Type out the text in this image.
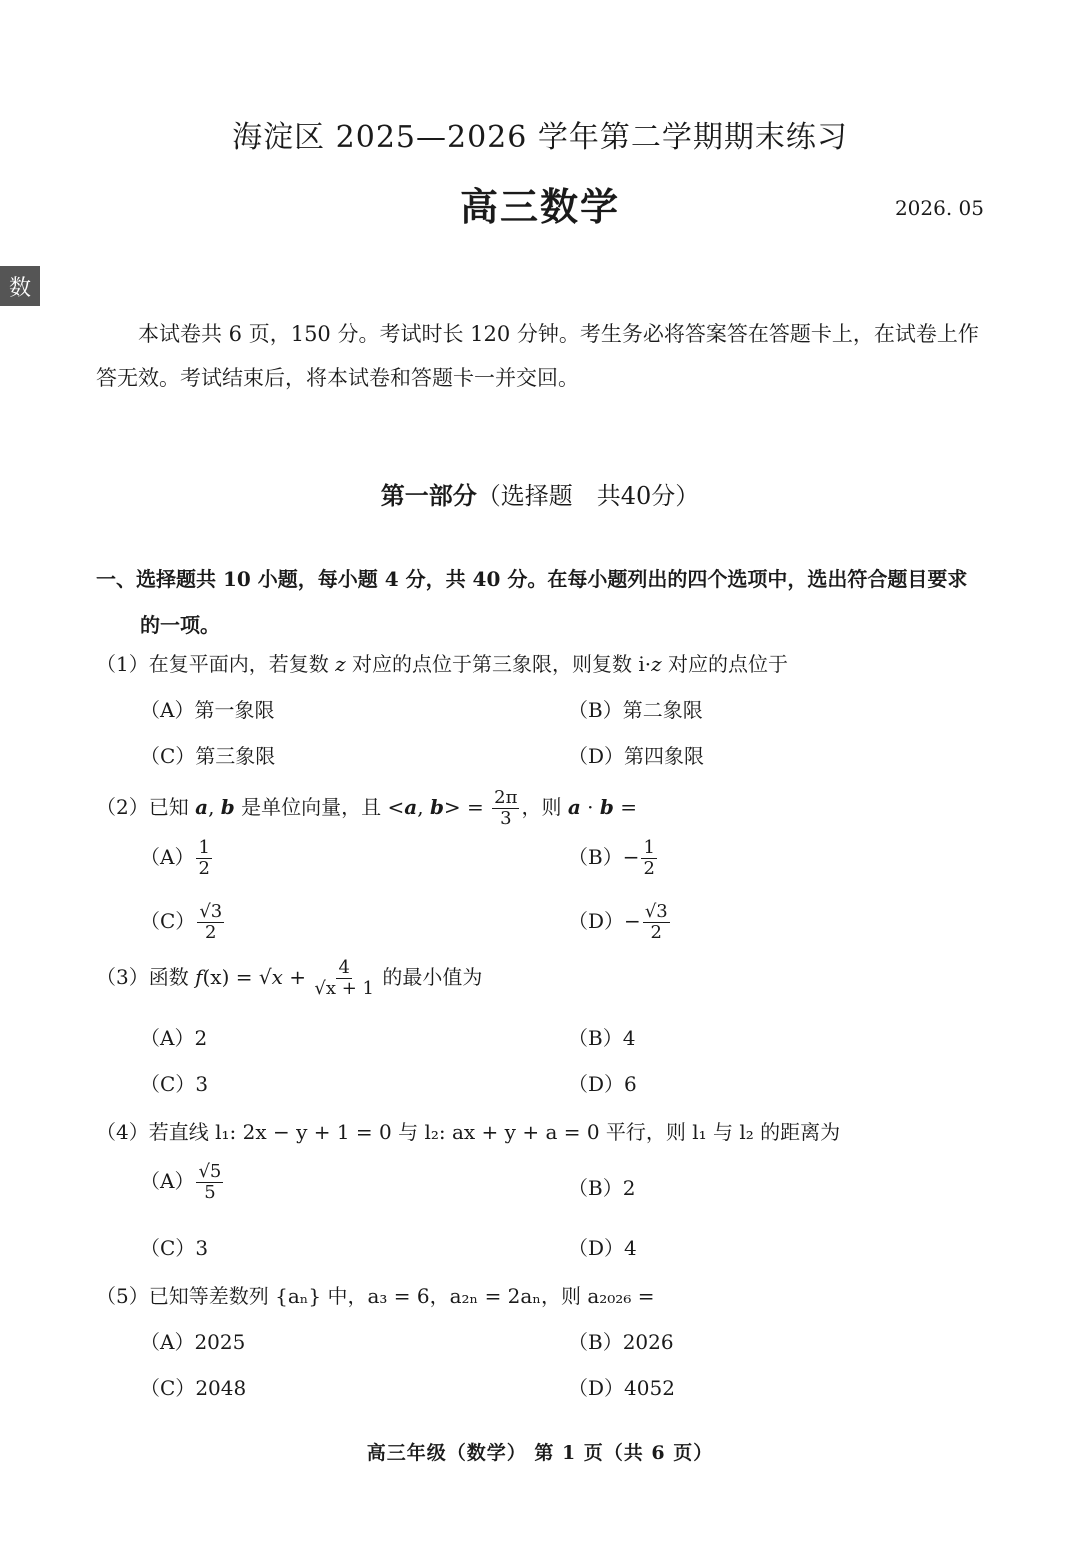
海淀区 2025—2026 学年第二学期期末练习
高三数学	2026. 05
数
本试卷共 6 页，150 分。考试时长 120 分钟。考生务必将答案答在答题卡上，在试卷上作答无效。考试结束后，将本试卷和答题卡一并交回。
第一部分（选择题　共40分）
一、选择题共 10 小题，每小题 4 分，共 40 分。在每小题列出的四个选项中，选出符合题目要求
的一项。
（1）在复平面内，若复数 z 对应的点位于第三象限，则复数 i·z 对应的点位于
（A）第一象限	（B）第二象限
（C）第三象限	（D）第四象限
（2）已知 a, b 是单位向量，且 <a, $b> = \frac{2\pi}{3}$ ，则 a · b =
$(A) \frac{1}{2}$	$(B)- \frac{1}{2}$
$(C) \frac{√3}{2}$	$(D)- \frac{√3}{2}$
（3）函数 $f(x) = √x + \frac{4}{√x + 1}$ 的最小值为
（A）2	（B）4
（C）3	（D）6
（4）若直线 l₁: 2x − y + 1 = 0 与 l₂: ax + y + a = 0 平行，则 l₁ 与 l₂ 的距离为
$(A) \frac{√5}{5}$	（B）2
（C）3	（D）4
（5）已知等差数列 {aₙ} 中，a₃ = 6，a₂ₙ = 2aₙ，则 a₂₀₂₆ =
（A）2025	（B）2026
（C）2048	（D）4052
高三年级（数学） 第 1 页（共 6 页）
